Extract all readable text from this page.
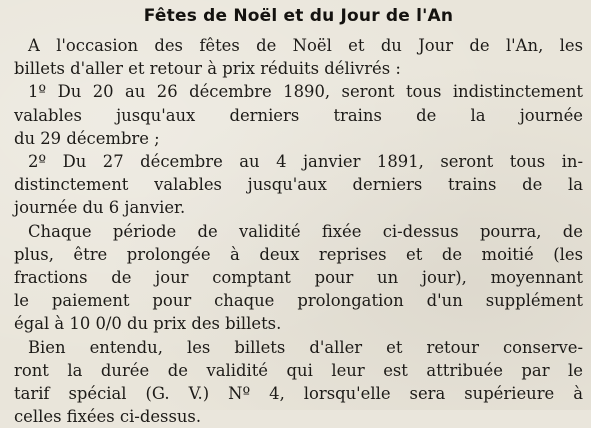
Fêtes de Noël et du Jour de l'An
A l'occasion des fêtes de Noël et du Jour de l'An, les
billets d'aller et retour à prix réduits délivrés :
1º Du 20 au 26 décembre 1890, seront tous indistinctement
valables jusqu'aux derniers trains de la journée
du 29 décembre ;
2º Du 27 décembre au 4 janvier 1891, seront tous in-
distinctement valables jusqu'aux derniers trains de la
journée du 6 janvier.
Chaque période de validité fixée ci-dessus pourra, de
plus, être prolongée à deux reprises et de moitié (les
fractions de jour comptant pour un jour), moyennant
le paiement pour chaque prolongation d'un supplément
égal à 10 0/0 du prix des billets.
Bien entendu, les billets d'aller et retour conserve-
ront la durée de validité qui leur est attribuée par le
tarif spécial (G. V.) Nº 4, lorsqu'elle sera supérieure à
celles fixées ci-dessus.
